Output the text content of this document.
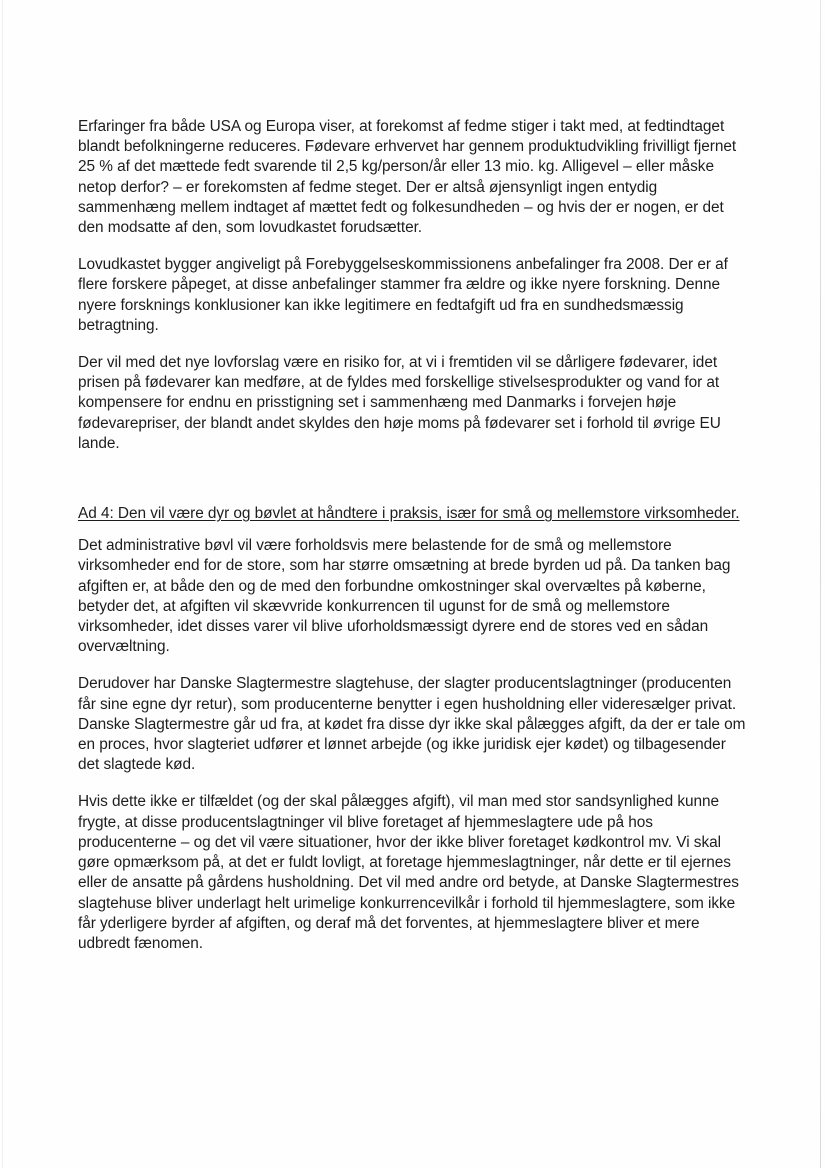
Erfaringer fra både USA og Europa viser, at forekomst af fedme stiger i takt med, at fedtindtaget
blandt befolkningerne reduceres. Fødevare erhvervet har gennem produktudvikling frivilligt fjernet
25 % af det mættede fedt svarende til 2,5 kg/person/år eller 13 mio. kg. Alligevel – eller måske
netop derfor? – er forekomsten af fedme steget. Der er altså øjensynligt ingen entydig
sammenhæng mellem indtaget af mættet fedt og folkesundheden – og hvis der er nogen, er det
den modsatte af den, som lovudkastet forudsætter.

Lovudkastet bygger angiveligt på Forebyggelseskommissionens anbefalinger fra 2008. Der er af
flere forskere påpeget, at disse anbefalinger stammer fra ældre og ikke nyere forskning. Denne
nyere forsknings konklusioner kan ikke legitimere en fedtafgift ud fra en sundhedsmæssig
betragtning.

Der vil med det nye lovforslag være en risiko for, at vi i fremtiden vil se dårligere fødevarer, idet
prisen på fødevarer kan medføre, at de fyldes med forskellige stivelsesprodukter og vand for at
kompensere for endnu en prisstigning set i sammenhæng med Danmarks i forvejen høje
fødevarepriser, der blandt andet skyldes den høje moms på fødevarer set i forhold til øvrige EU
lande.

Ad 4: Den vil være dyr og bøvlet at håndtere i praksis, især for små og mellemstore virksomheder.

Det administrative bøvl vil være forholdsvis mere belastende for de små og mellemstore
virksomheder end for de store, som har større omsætning at brede byrden ud på. Da tanken bag
afgiften er, at både den og de med den forbundne omkostninger skal overvæltes på køberne,
betyder det, at afgiften vil skævvride konkurrencen til ugunst for de små og mellemstore
virksomheder, idet disses varer vil blive uforholdsmæssigt dyrere end de stores ved en sådan
overvæltning.

Derudover har Danske Slagtermestre slagtehuse, der slagter producentslagtninger (producenten
får sine egne dyr retur), som producenterne benytter i egen husholdning eller videresælger privat.
Danske Slagtermestre går ud fra, at kødet fra disse dyr ikke skal pålægges afgift, da der er tale om
en proces, hvor slagteriet udfører et lønnet arbejde (og ikke juridisk ejer kødet) og tilbagesender
det slagtede kød.

Hvis dette ikke er tilfældet (og der skal pålægges afgift), vil man med stor sandsynlighed kunne
frygte, at disse producentslagtninger vil blive foretaget af hjemmeslagtere ude på hos
producenterne – og det vil være situationer, hvor der ikke bliver foretaget kødkontrol mv. Vi skal
gøre opmærksom på, at det er fuldt lovligt, at foretage hjemmeslagtninger, når dette er til ejernes
eller de ansatte på gårdens husholdning. Det vil med andre ord betyde, at Danske Slagtermestres
slagtehuse bliver underlagt helt urimelige konkurrencevilkår i forhold til hjemmeslagtere, som ikke
får yderligere byrder af afgiften, og deraf må det forventes, at hjemmeslagtere bliver et mere
udbredt fænomen.
